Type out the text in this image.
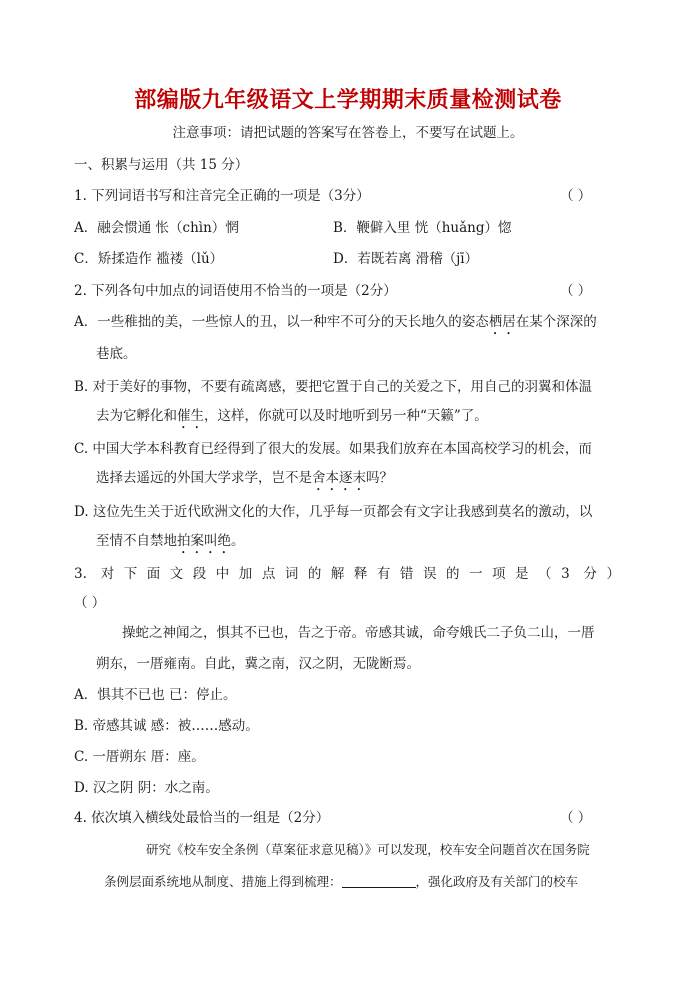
部编版九年级语文上学期期末质量检测试卷
注意事项：请把试题的答案写在答卷上，不要写在试题上。
一、积累与运用（共 15 分）
1. 下列词语书写和注音完全正确的一项是（3分）	（ ）
A．融会惯通 怅（chı̀n）惘	B．鞭僻入里 恍（huǎng）惚
C．矫揉造作 褴褛（lǔ）	D．若既若离 滑稽（jī）
2. 下列各句中加点的词语使用不恰当的一项是（2分）	（ ）
A．一些稚拙的美，一些惊人的丑，以一种牢不可分的天长地久的姿态栖居在某个深深的
巷底。
B. 对于美好的事物，不要有疏离感，要把它置于自己的关爱之下，用自己的羽翼和体温
去为它孵化和催生，这样，你就可以及时地听到另一种“天籁”了。
C. 中国大学本科教育已经得到了很大的发展。如果我们放弃在本国高校学习的机会，而
选择去遥远的外国大学求学，岂不是舍本逐末吗？
D. 这位先生关于近代欧洲文化的大作，几乎每一页都会有文字让我感到莫名的激动，以
至情不自禁地拍案叫绝。
3. 对下面文段中加点词的解释有错误的一项是（3 分）
（ ）
操蛇之神闻之，惧其不已也，告之于帝。帝感其诚，命夸娥氏二子负二山，一厝
朔东，一厝雍南。自此，冀之南，汉之阴，无陇断焉。
A．惧其不已也 已：停止。
B. 帝感其诚 感：被……感动。
C. 一厝朔东 厝：座。
D. 汉之阴 阴：水之南。
4. 依次填入横线处最恰当的一组是（2分）	（ ）
研究《校车安全条例（草案征求意见稿）》可以发现，校车安全问题首次在国务院
条例层面系统地从制度、措施上得到梳理：	，强化政府及有关部门的校车
